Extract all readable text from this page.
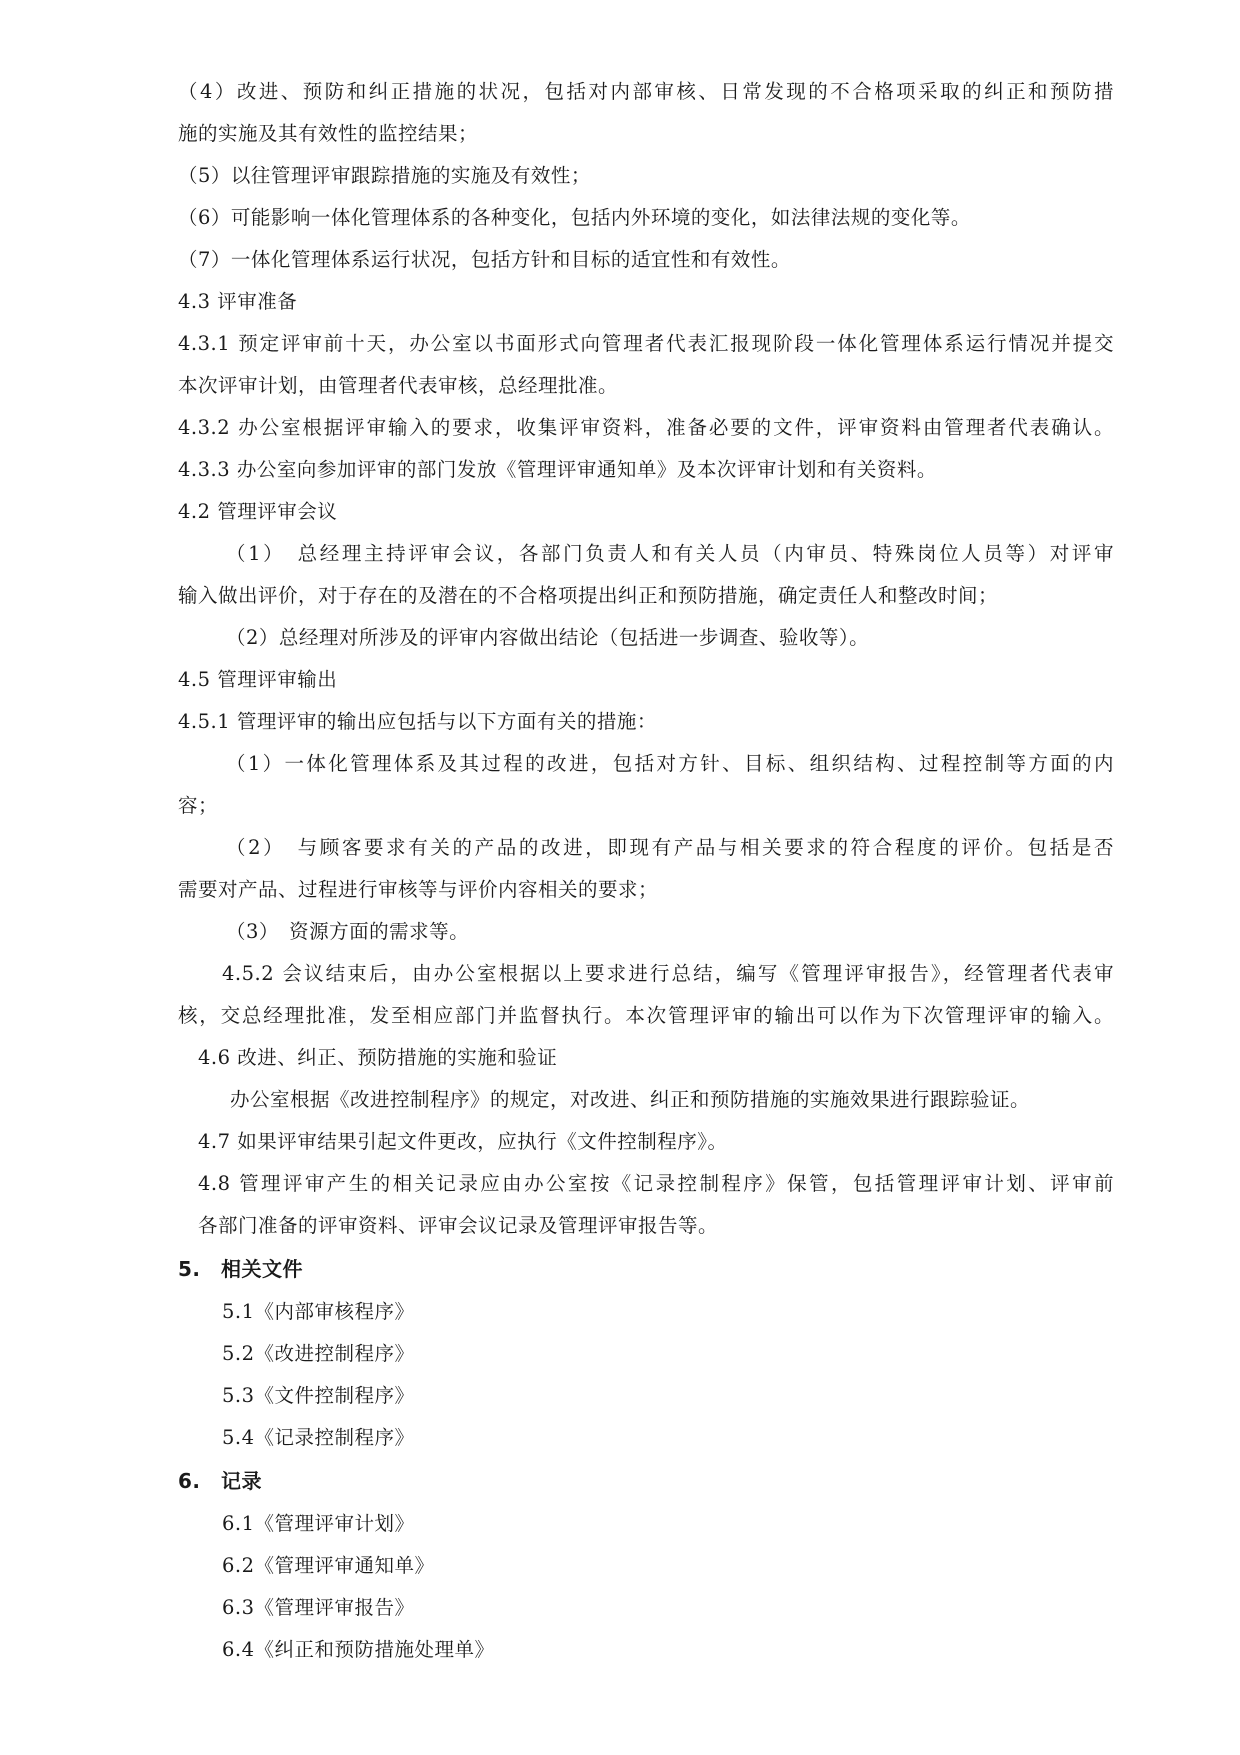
（4）改进、预防和纠正措施的状况，包括对内部审核、日常发现的不合格项采取的纠正和预防措
施的实施及其有效性的监控结果；
（5）以往管理评审跟踪措施的实施及有效性；
（6）可能影响一体化管理体系的各种变化，包括内外环境的变化，如法律法规的变化等。
（7）一体化管理体系运行状况，包括方针和目标的适宜性和有效性。
4.3 评审准备
4.3.1 预定评审前十天，办公室以书面形式向管理者代表汇报现阶段一体化管理体系运行情况并提交
本次评审计划，由管理者代表审核，总经理批准。
4.3.2 办公室根据评审输入的要求，收集评审资料，准备必要的文件，评审资料由管理者代表确认。
4.3.3 办公室向参加评审的部门发放《管理评审通知单》及本次评审计划和有关资料。
4.2 管理评审会议
（1）　总经理主持评审会议，各部门负责人和有关人员（内审员、特殊岗位人员等）对评审
输入做出评价，对于存在的及潜在的不合格项提出纠正和预防措施，确定责任人和整改时间；
（2）总经理对所涉及的评审内容做出结论（包括进一步调查、验收等）。
4.5 管理评审输出
4.5.1 管理评审的输出应包括与以下方面有关的措施：
（1）一体化管理体系及其过程的改进，包括对方针、目标、组织结构、过程控制等方面的内
容；
（2）　与顾客要求有关的产品的改进，即现有产品与相关要求的符合程度的评价。包括是否
需要对产品、过程进行审核等与评价内容相关的要求；
（3）　资源方面的需求等。
4.5.2 会议结束后，由办公室根据以上要求进行总结，编写《管理评审报告》，经管理者代表审
核，交总经理批准，发至相应部门并监督执行。本次管理评审的输出可以作为下次管理评审的输入。
4.6 改进、纠正、预防措施的实施和验证
办公室根据《改进控制程序》的规定，对改进、纠正和预防措施的实施效果进行跟踪验证。
4.7 如果评审结果引起文件更改，应执行《文件控制程序》。
4.8 管理评审产生的相关记录应由办公室按《记录控制程序》保管，包括管理评审计划、评审前
各部门准备的评审资料、评审会议记录及管理评审报告等。
5.　相关文件
5.1《内部审核程序》
5.2《改进控制程序》
5.3《文件控制程序》
5.4《记录控制程序》
6.　记录
6.1《管理评审计划》
6.2《管理评审通知单》
6.3《管理评审报告》
6.4《纠正和预防措施处理单》
